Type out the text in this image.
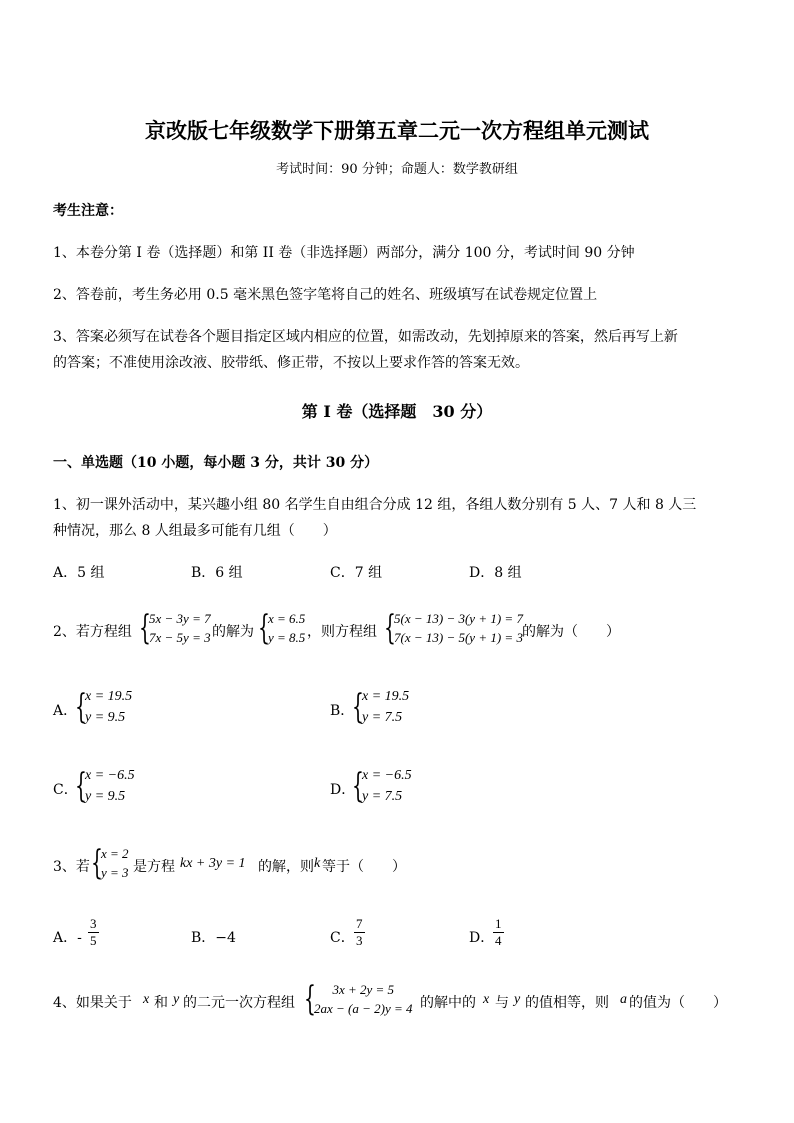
京改版七年级数学下册第五章二元一次方程组单元测试
考试时间：90 分钟；命题人：数学教研组
考生注意：
1、本卷分第 I 卷（选择题）和第 II 卷（非选择题）两部分，满分 100 分，考试时间 90 分钟
2、答卷前，考生务必用 0.5 毫米黑色签字笔将自己的姓名、班级填写在试卷规定位置上
3、答案必须写在试卷各个题目指定区域内相应的位置，如需改动，先划掉原来的答案，然后再写上新
的答案；不准使用涂改液、胶带纸、修正带，不按以上要求作答的答案无效。
第 I 卷（选择题　30 分）
一、单选题（10 小题，每小题 3 分，共计 30 分）
1、初一课外活动中，某兴趣小组 80 名学生自由组合分成 12 组，各组人数分别有 5 人、7 人和 8 人三
种情况，那么 8 人组最多可能有几组（　　）
A．5 组	B．6 组	C．7 组	D．8 组
2、若方程组 {
5x − 3y = 7
7x − 5y = 3 的解为 {
x = 6.5
y = 8.5 ，则方程组 {
5(x − 13) − 3(y + 1) = 7
7(x − 13) − 5(y + 1) = 3 的解为（　　）
A．
{
x = 19.5
y = 9.5	B．
{
x = 19.5
y = 7.5
C．
{
x = −6.5
y = 9.5	D．
{
x = −6.5
y = 7.5
3、若 {
x = 2
y = 3 是方程 kx + 3y = 1 的解，则 k 等于（　　）
A．- $\frac{3}{5}$	B．−4	C． $\frac{7}{3}$	D．
$\frac{1}{4}$
4、如果关于 x 和 y 的二元一次方程组 { 3x + 2y = 5
2ax − (a − 2)y = 4 的解中的 x 与 y 的值相等，则 a 的值为（　　）
